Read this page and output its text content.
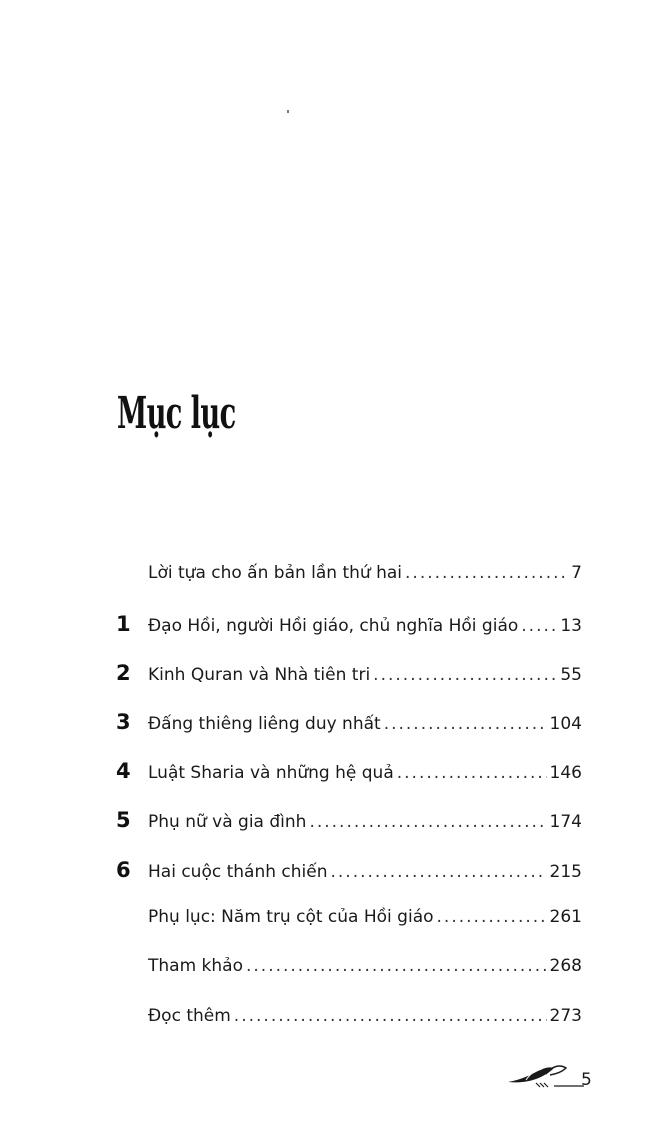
Mục lục
Lời tựa cho ấn bản lần thứ hai .....	7
1	Đạo Hồi, người Hồi giáo, chủ nghĩa Hồi giáo ..... 13
2	Kinh Quran và Nhà tiên tri .....	55
3	Đấng thiêng liêng duy nhất .....	104
4	Luật Sharia và những hệ quả .....	146
5	Phụ nữ và gia đình .....	174
6	Hai cuộc thánh chiến .....	215
Phụ lục: Năm trụ cột của Hồi giáo .....	261
Tham khảo .....	268
Đọc thêm .....	273
5
